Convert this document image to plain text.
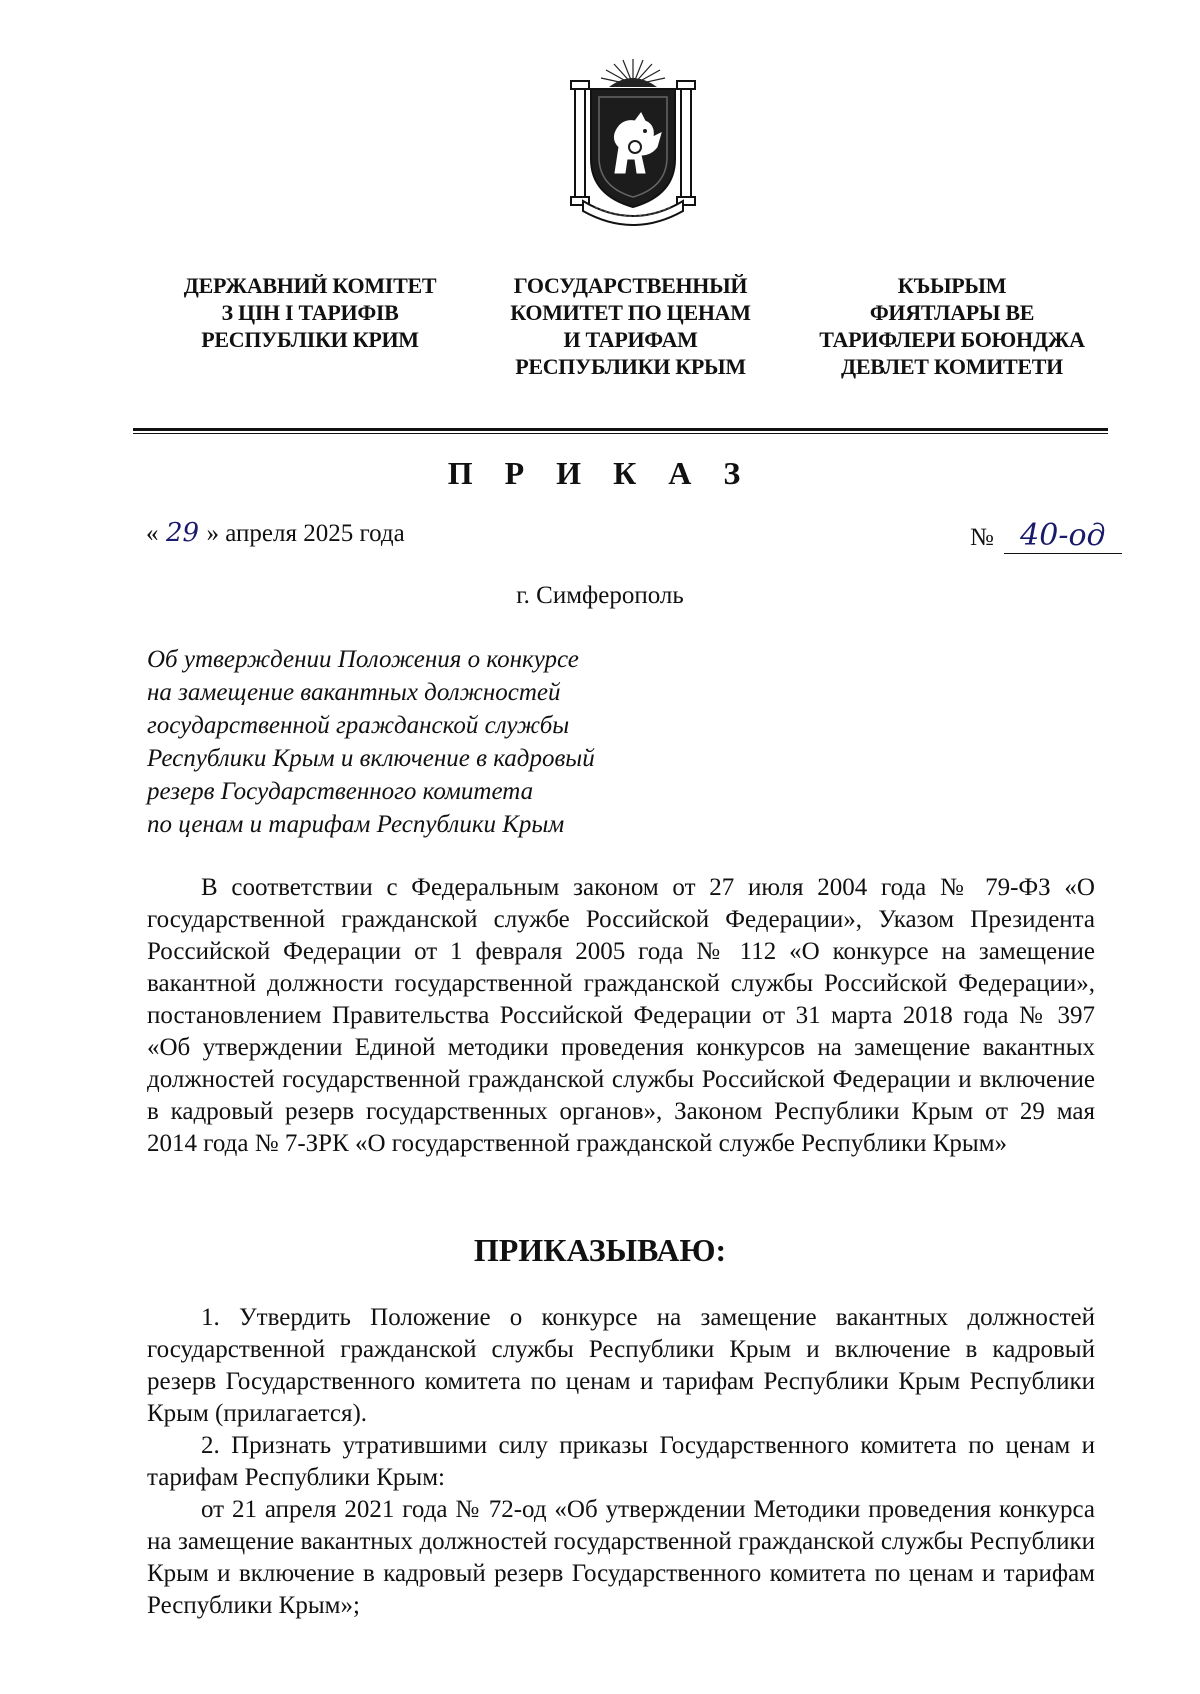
ДЕРЖАВНИЙ КОМІТЕТ
З ЦІН І ТАРИФІВ
РЕСПУБЛІКИ КРИМ
ГОСУДАРСТВЕННЫЙ
КОМИТЕТ ПО ЦЕНАМ
И ТАРИФАМ
РЕСПУБЛИКИ КРЫМ
КЪЫРЫМ
ФИЯТЛАРЫ ВЕ
ТАРИФЛЕРИ БОЮНДЖА
ДЕВЛЕТ КОМИТЕТИ
П Р И К А З
« 29 » апреля 2025 года	№ 40-од
г. Симферополь
Об утверждении Положения о конкурсе
на замещение вакантных должностей
государственной гражданской службы
Республики Крым и включение в кадровый
резерв Государственного комитета
по ценам и тарифам Республики Крым

В соответствии с Федеральным законом от 27 июля 2004 года № 79-ФЗ «О государственной гражданской службе Российской Федерации», Указом Президента Российской Федерации от 1 февраля 2005 года № 112 «О конкурсе на замещение вакантной должности государственной гражданской службы Российской Федерации», постановлением Правительства Российской Федерации от 31 марта 2018 года № 397 «Об утверждении Единой методики проведения конкурсов на замещение вакантных должностей государственной гражданской службы Российской Федерации и включение в кадровый резерв государственных органов», Законом Республики Крым от 29 мая 2014 года № 7-ЗРК «О государственной гражданской службе Республики Крым»

ПРИКАЗЫВАЮ:

1. Утвердить Положение о конкурсе на замещение вакантных должностей государственной гражданской службы Республики Крым и включение в кадровый резерв Государственного комитета по ценам и тарифам Республики Крым Республики Крым (прилагается).

2. Признать утратившими силу приказы Государственного комитета по ценам и тарифам Республики Крым:

от 21 апреля 2021 года № 72-од «Об утверждении Методики проведения конкурса на замещение вакантных должностей государственной гражданской службы Республики Крым и включение в кадровый резерв Государственного комитета по ценам и тарифам Республики Крым»;
